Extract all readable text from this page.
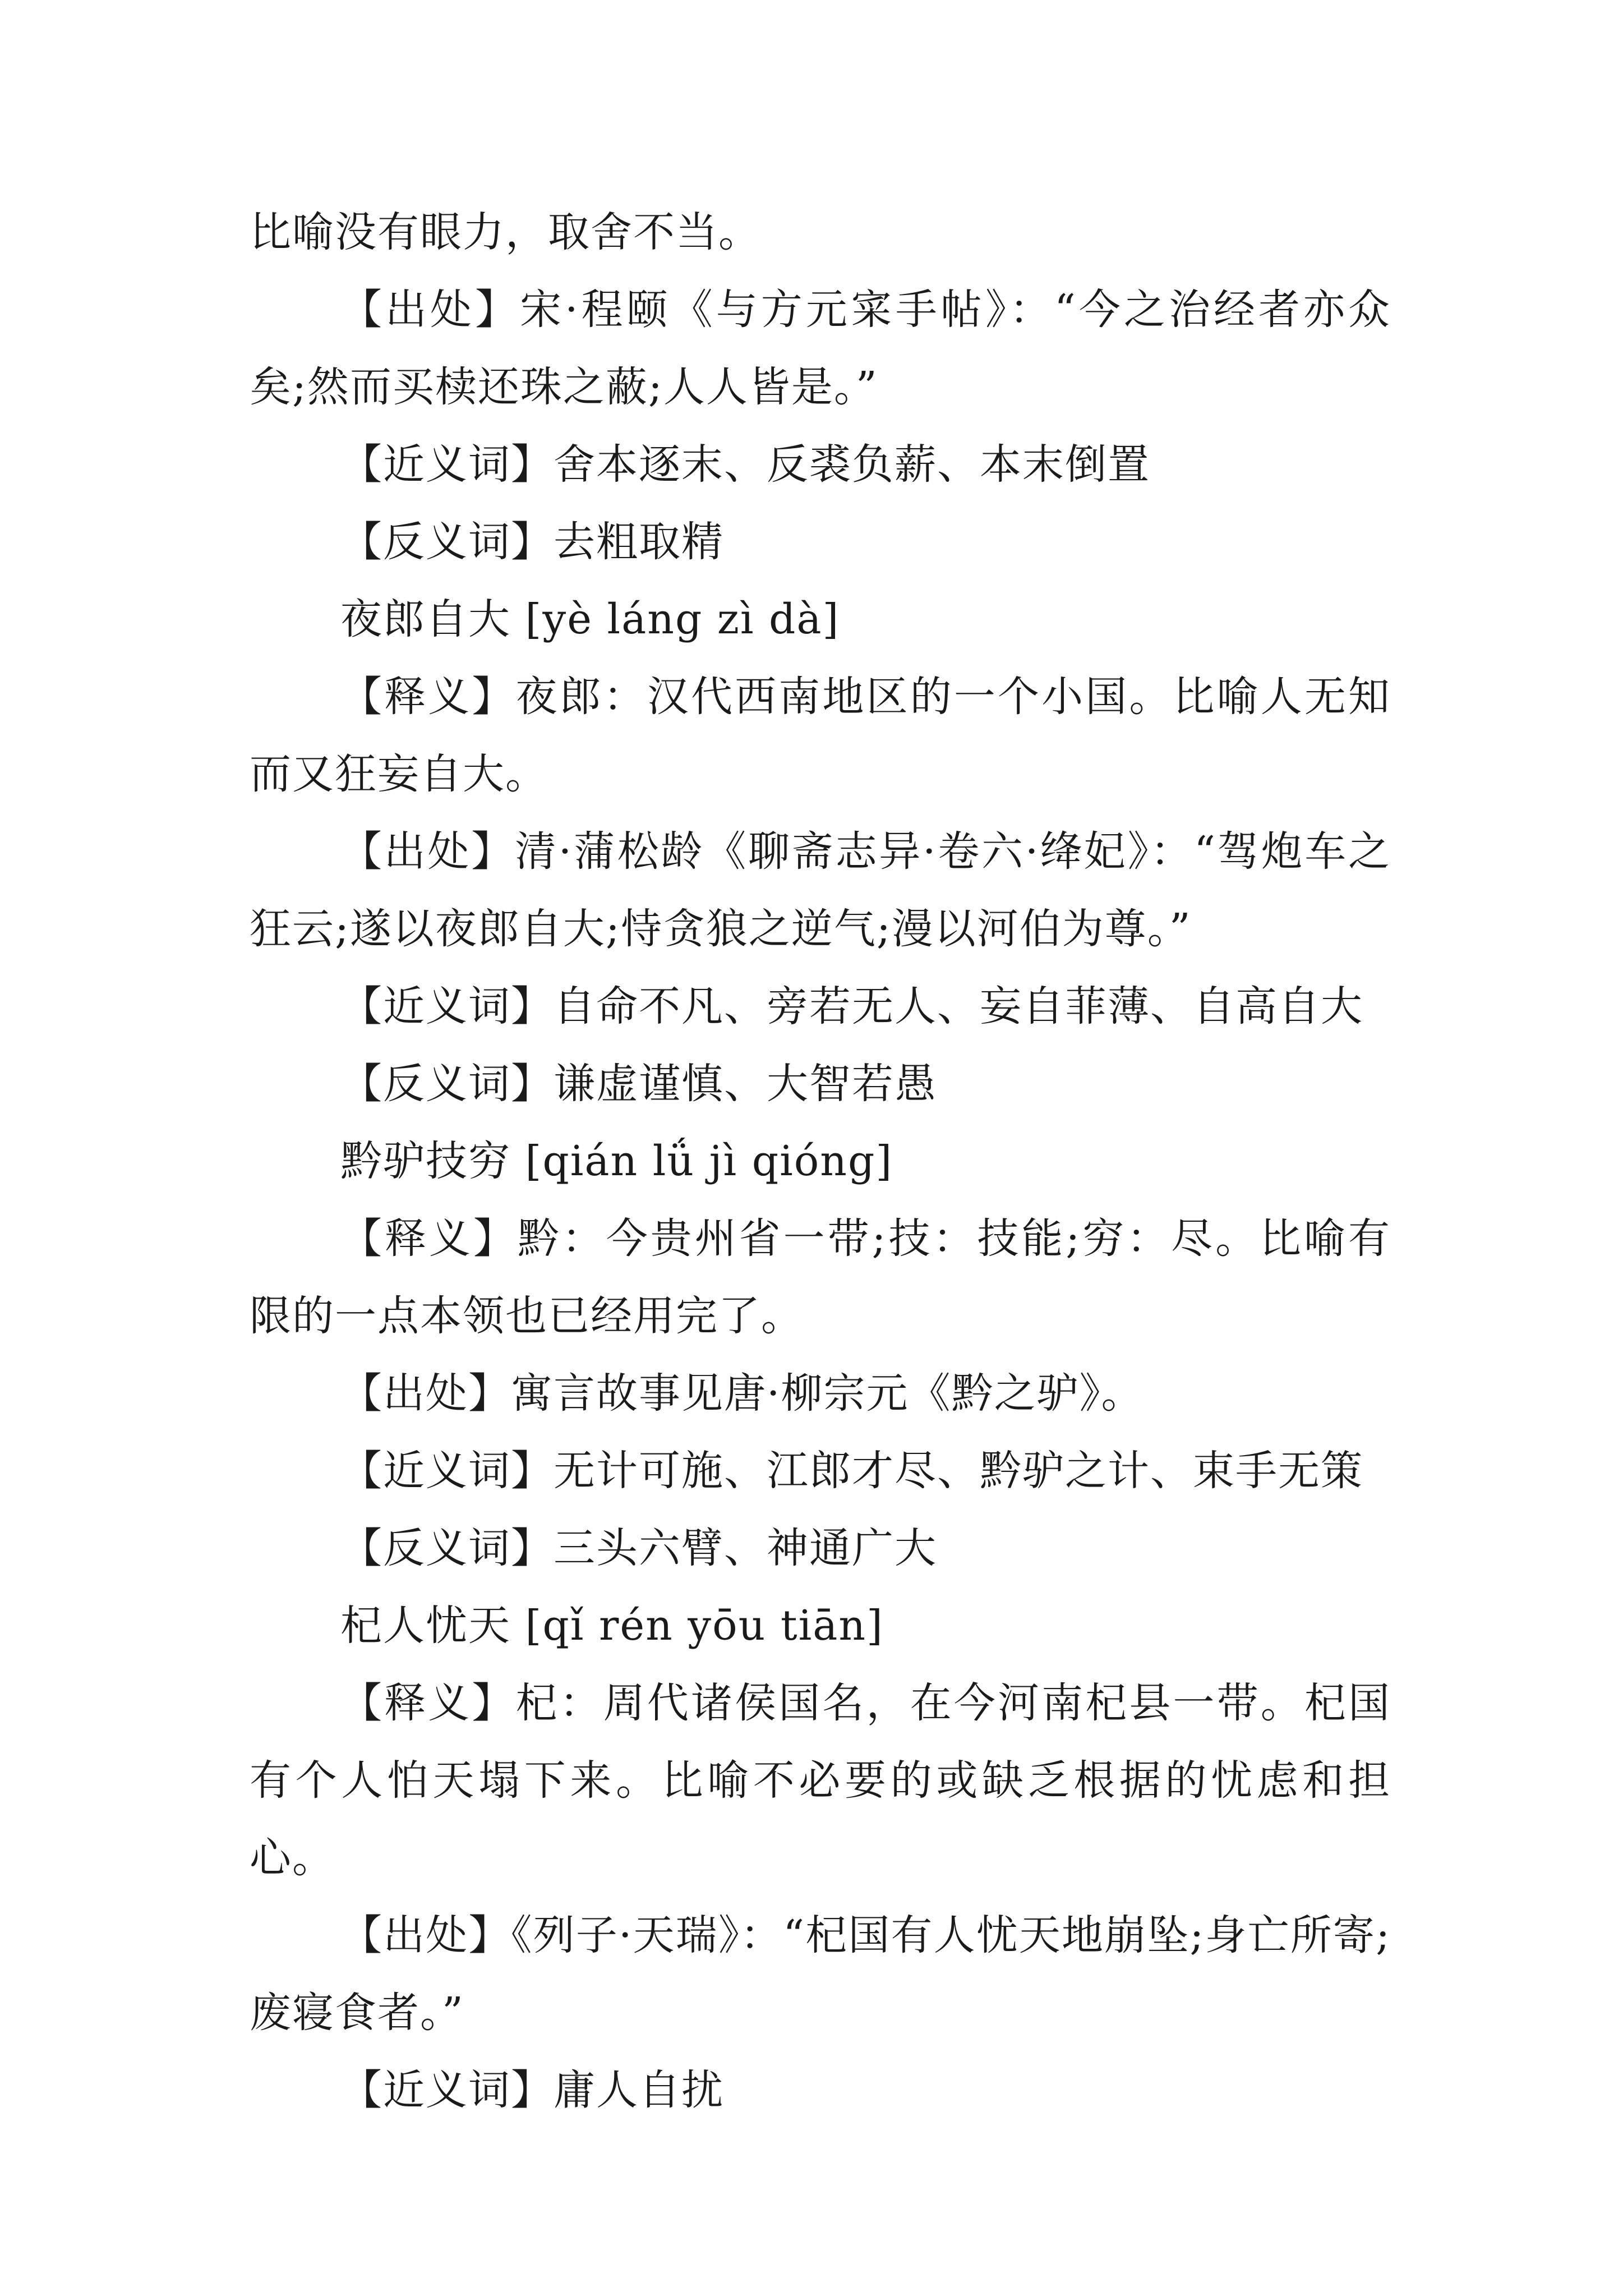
比喻没有眼力，取舍不当。

【出处】宋·程颐《与方元寀手帖》：“今之治经者亦众矣;然而买椟还珠之蔽;人人皆是。”

【近义词】舍本逐末、反裘负薪、本末倒置

【反义词】去粗取精

夜郎自大 [yè láng zì dà]

【释义】夜郎：汉代西南地区的一个小国。比喻人无知而又狂妄自大。

【出处】清·蒲松龄《聊斋志异·卷六·绛妃》：“驾炮车之狂云;遂以夜郎自大;恃贪狼之逆气;漫以河伯为尊。”

【近义词】自命不凡、旁若无人、妄自菲薄、自高自大

【反义词】谦虚谨慎、大智若愚

黔驴技穷 [qián lǘ jì qióng]

【释义】黔：今贵州省一带;技：技能;穷：尽。比喻有限的一点本领也已经用完了。

【出处】寓言故事见唐·柳宗元《黔之驴》。

【近义词】无计可施、江郎才尽、黔驴之计、束手无策

【反义词】三头六臂、神通广大

杞人忧天 [qǐ rén yōu tiān]

【释义】杞：周代诸侯国名，在今河南杞县一带。杞国有个人怕天塌下来。比喻不必要的或缺乏根据的忧虑和担心。

【出处】《列子·天瑞》：“杞国有人忧天地崩坠;身亡所寄;废寝食者。”

【近义词】庸人自扰
